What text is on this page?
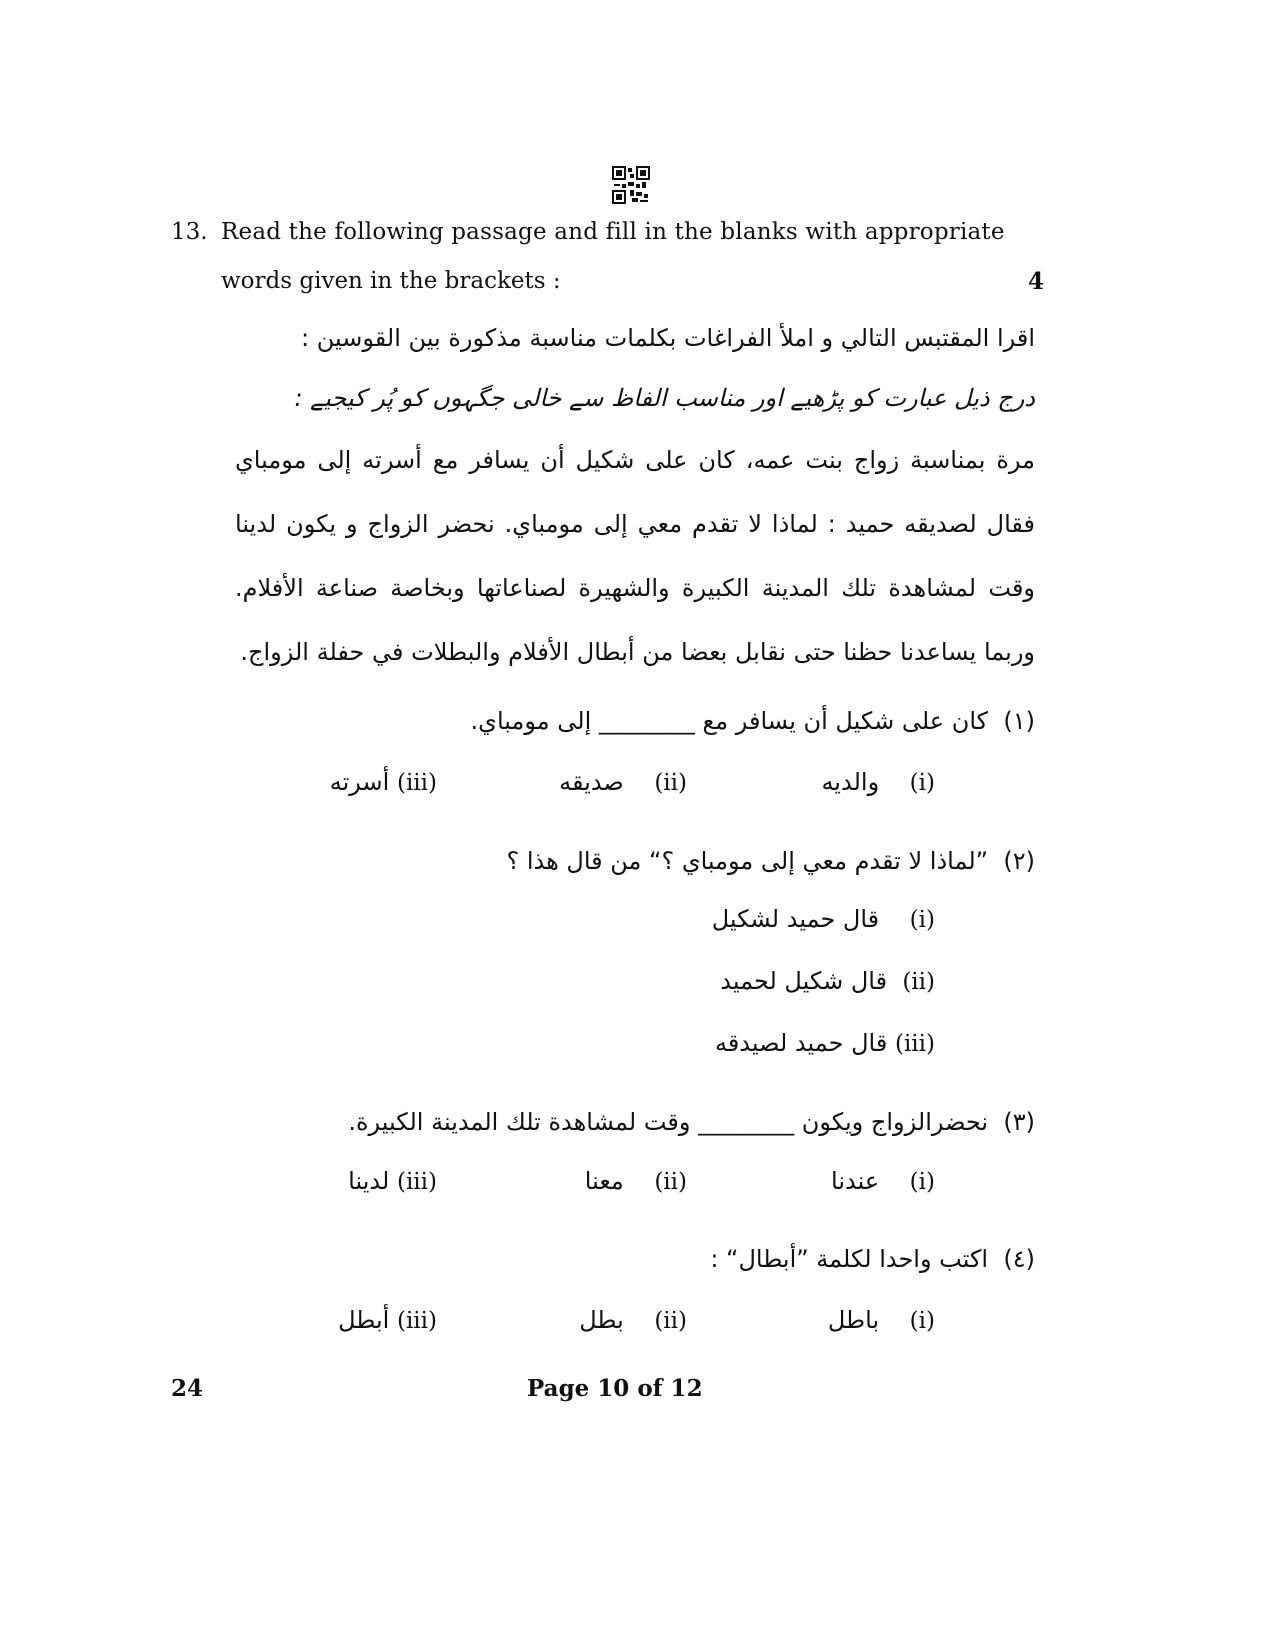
13. Read the following passage and fill in the blanks with appropriate
words given in the brackets :	4
اقرا المقتبس التالي و املأ الفراغات بكلمات مناسبة مذكورة بين القوسين :
درج ذیل عبارت کو پڑھیے اور مناسب الفاظ سے خالی جگہوں کو پُر کیجیے :
مرة بمناسبة زواج بنت عمه، كان على شكيل أن يسافر مع أسرته إلى مومباي فقال لصديقه حميد : لماذا لا تقدم معي إلى مومباي. نحضر الزواج و يكون لدينا وقت لمشاهدة تلك المدينة الكبيرة والشهيرة لصناعاتها وبخاصة صناعة الأفلام. وربما يساعدنا حظنا حتى نقابل بعضا من أبطال الأفلام والبطلات في حفلة الزواج.
(١)  كان على شكيل أن يسافر مع ________ إلى مومباي.
(i)    والديه
(ii)    صديقه
(iii) أسرته
(٢)  ”لماذا لا تقدم معي إلى مومباي ؟“ من قال هذا ؟
(i)    قال حميد لشكيل
(ii)  قال شكيل لحميد
(iii) قال حميد لصيدقه
(٣)  نحضرالزواج ويكون ________ وقت لمشاهدة تلك المدينة الكبيرة.
(i)    عندنا
(ii)    معنا
(iii) لدينا
(٤)  اكتب واحدا لكلمة ”أبطال“ :
(i)    باطل
(ii)    بطل
(iii) أبطل
24	Page 10 of 12
